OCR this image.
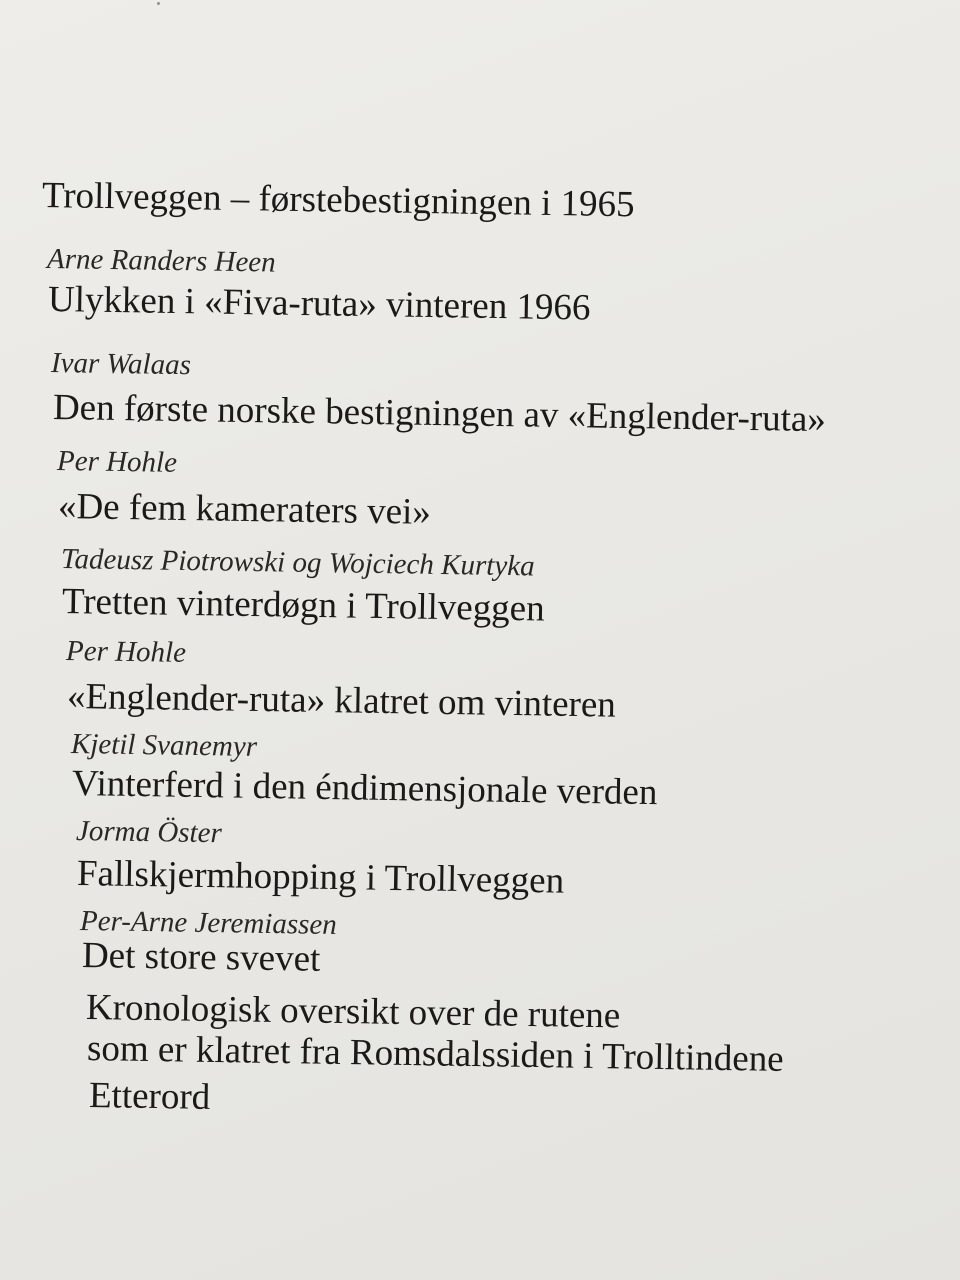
Trollveggen – førstebestigningen i 1965
Arne Randers Heen
Ulykken i «Fiva-ruta» vinteren 1966
Ivar Walaas
Den første norske bestigningen av «Englender-ruta»
Per Hohle
«De fem kameraters vei»
Tadeusz Piotrowski og Wojciech Kurtyka
Tretten vinterdøgn i Trollveggen
Per Hohle
«Englender-ruta» klatret om vinteren
Kjetil Svanemyr
Vinterferd i den éndimensjonale verden
Jorma Öster
Fallskjermhopping i Trollveggen
Per-Arne Jeremiassen
Det store svevet
Kronologisk oversikt over de rutene
som er klatret fra Romsdalssiden i Trolltindene
Etterord
